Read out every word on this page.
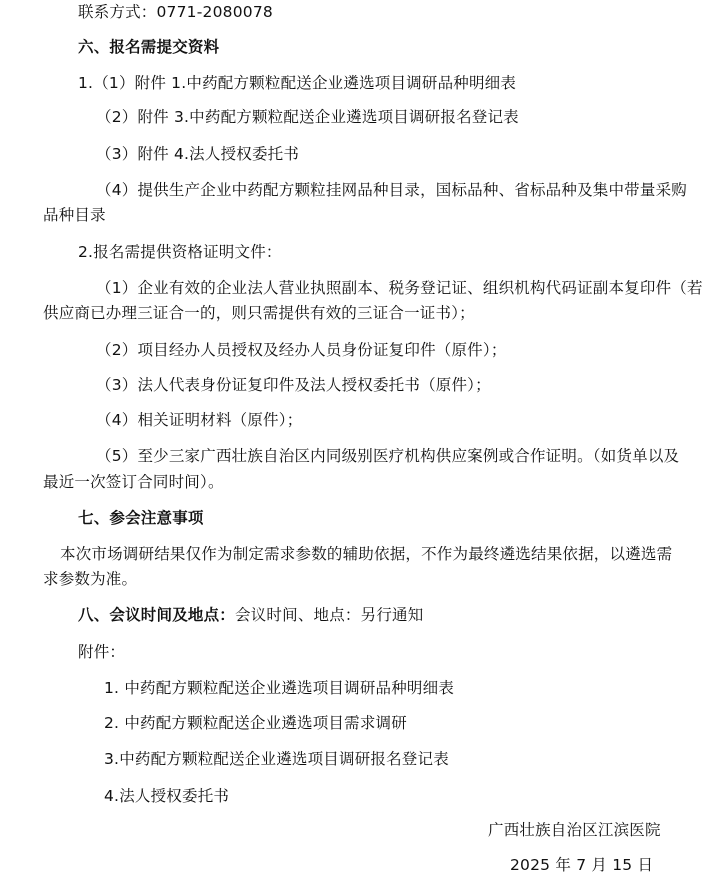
联系方式：0771-2080078
六、报名需提交资料
1.（1）附件 1.中药配方颗粒配送企业遴选项目调研品种明细表
（2）附件 3.中药配方颗粒配送企业遴选项目调研报名登记表
（3）附件 4.法人授权委托书
（4）提供生产企业中药配方颗粒挂网品种目录，国标品种、省标品种及集中带量采购
品种目录
2.报名需提供资格证明文件：
（1）企业有效的企业法人营业执照副本、税务登记证、组织机构代码证副本复印件（若
供应商已办理三证合一的，则只需提供有效的三证合一证书）；
（2）项目经办人员授权及经办人员身份证复印件（原件）；
（3）法人代表身份证复印件及法人授权委托书（原件）；
（4）相关证明材料（原件）；
（5）至少三家广西壮族自治区内同级别医疗机构供应案例或合作证明。（如货单以及
最近一次签订合同时间）。
七、参会注意事项
本次市场调研结果仅作为制定需求参数的辅助依据，不作为最终遴选结果依据，以遴选需
求参数为准。
八、会议时间及地点：会议时间、地点：另行通知
附件：
1. 中药配方颗粒配送企业遴选项目调研品种明细表
2. 中药配方颗粒配送企业遴选项目需求调研
3.中药配方颗粒配送企业遴选项目调研报名登记表
4.法人授权委托书
广西壮族自治区江滨医院
2025 年 7 月 15 日
